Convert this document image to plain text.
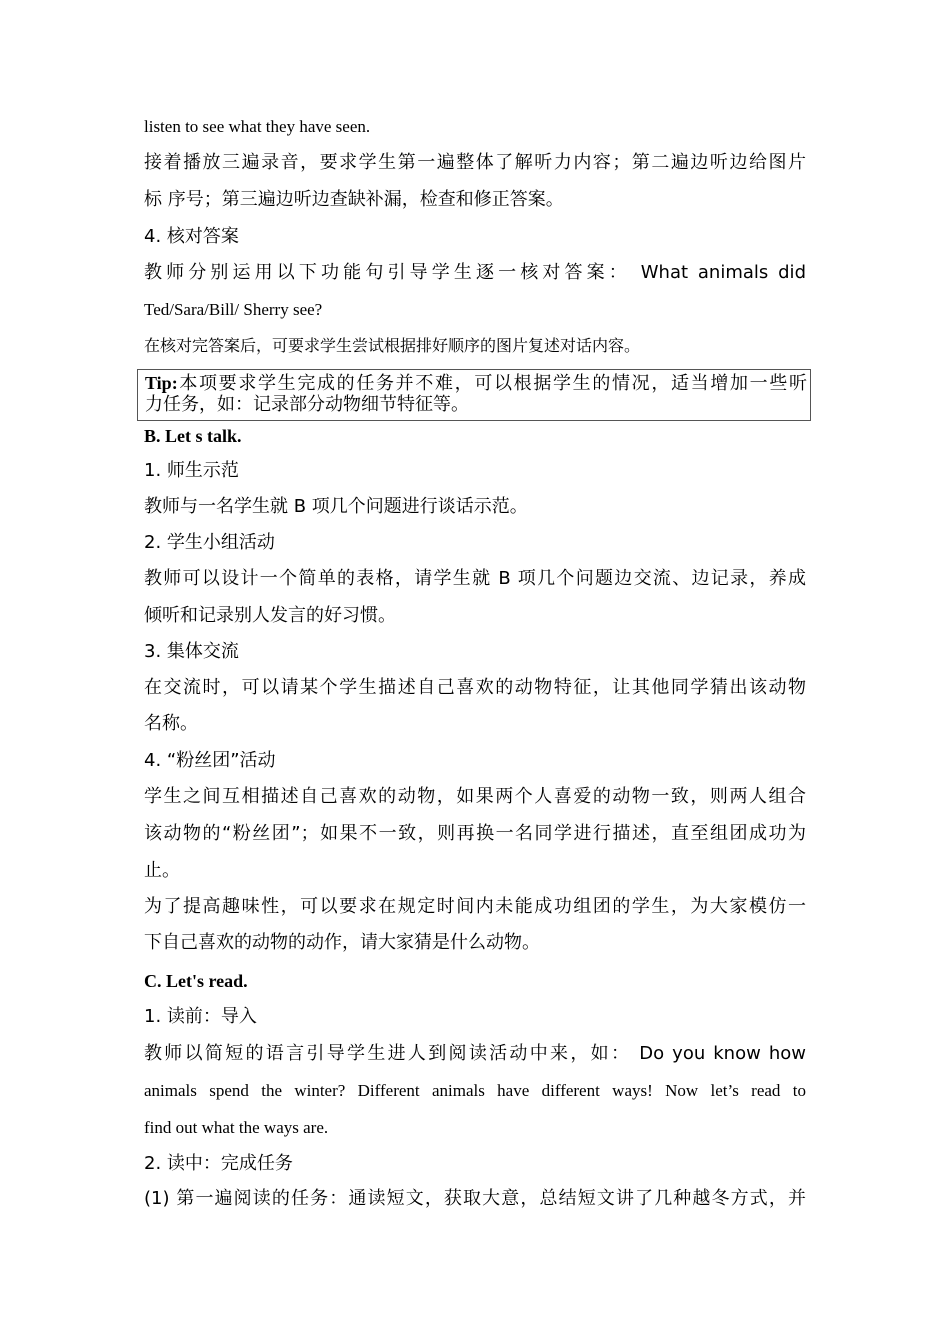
listen to see what they have seen.
接着播放三遍录音，要求学生第一遍整体了解听力内容；第二遍边听边给图片
标 序号；第三遍边听边查缺补漏，检查和修正答案。
4. 核对答案
教师分别运用以下功能句引导学生逐一核对答案： What animals did
Ted/Sara/Bill/ Sherry see?
在核对完答案后，可要求学生尝试根据排好顺序的图片复述对话内容。
Tip:本项要求学生完成的任务并不难，可以根据学生的情况，适当增加一些听
力任务，如：记录部分动物细节特征等。
B. Let s talk.
1. 师生示范
教师与一名学生就 B 项几个问题进行谈话示范。
2. 学生小组活动
教师可以设计一个简单的表格，请学生就 B 项几个问题边交流、边记录，养成
倾听和记录别人发言的好习惯。
3. 集体交流
在交流时，可以请某个学生描述自己喜欢的动物特征，让其他同学猜出该动物
名称。
4. “粉丝团”活动
学生之间互相描述自己喜欢的动物，如果两个人喜爱的动物一致，则两人组合
该动物的“粉丝团”；如果不一致，则再换一名同学进行描述，直至组团成功为
止。
为了提高趣味性，可以要求在规定时间内未能成功组团的学生，为大家模仿一
下自己喜欢的动物的动作，请大家猜是什么动物。
C. Let's read.
1. 读前：导入
教师以简短的语言引导学生进人到阅读活动中来，如： Do you know how
animals spend the winter? Different animals have different ways! Now let’s read to
find out what the ways are.
2. 读中：完成任务
(1) 第一遍阅读的任务：通读短文，获取大意，总结短文讲了几种越冬方式，并
